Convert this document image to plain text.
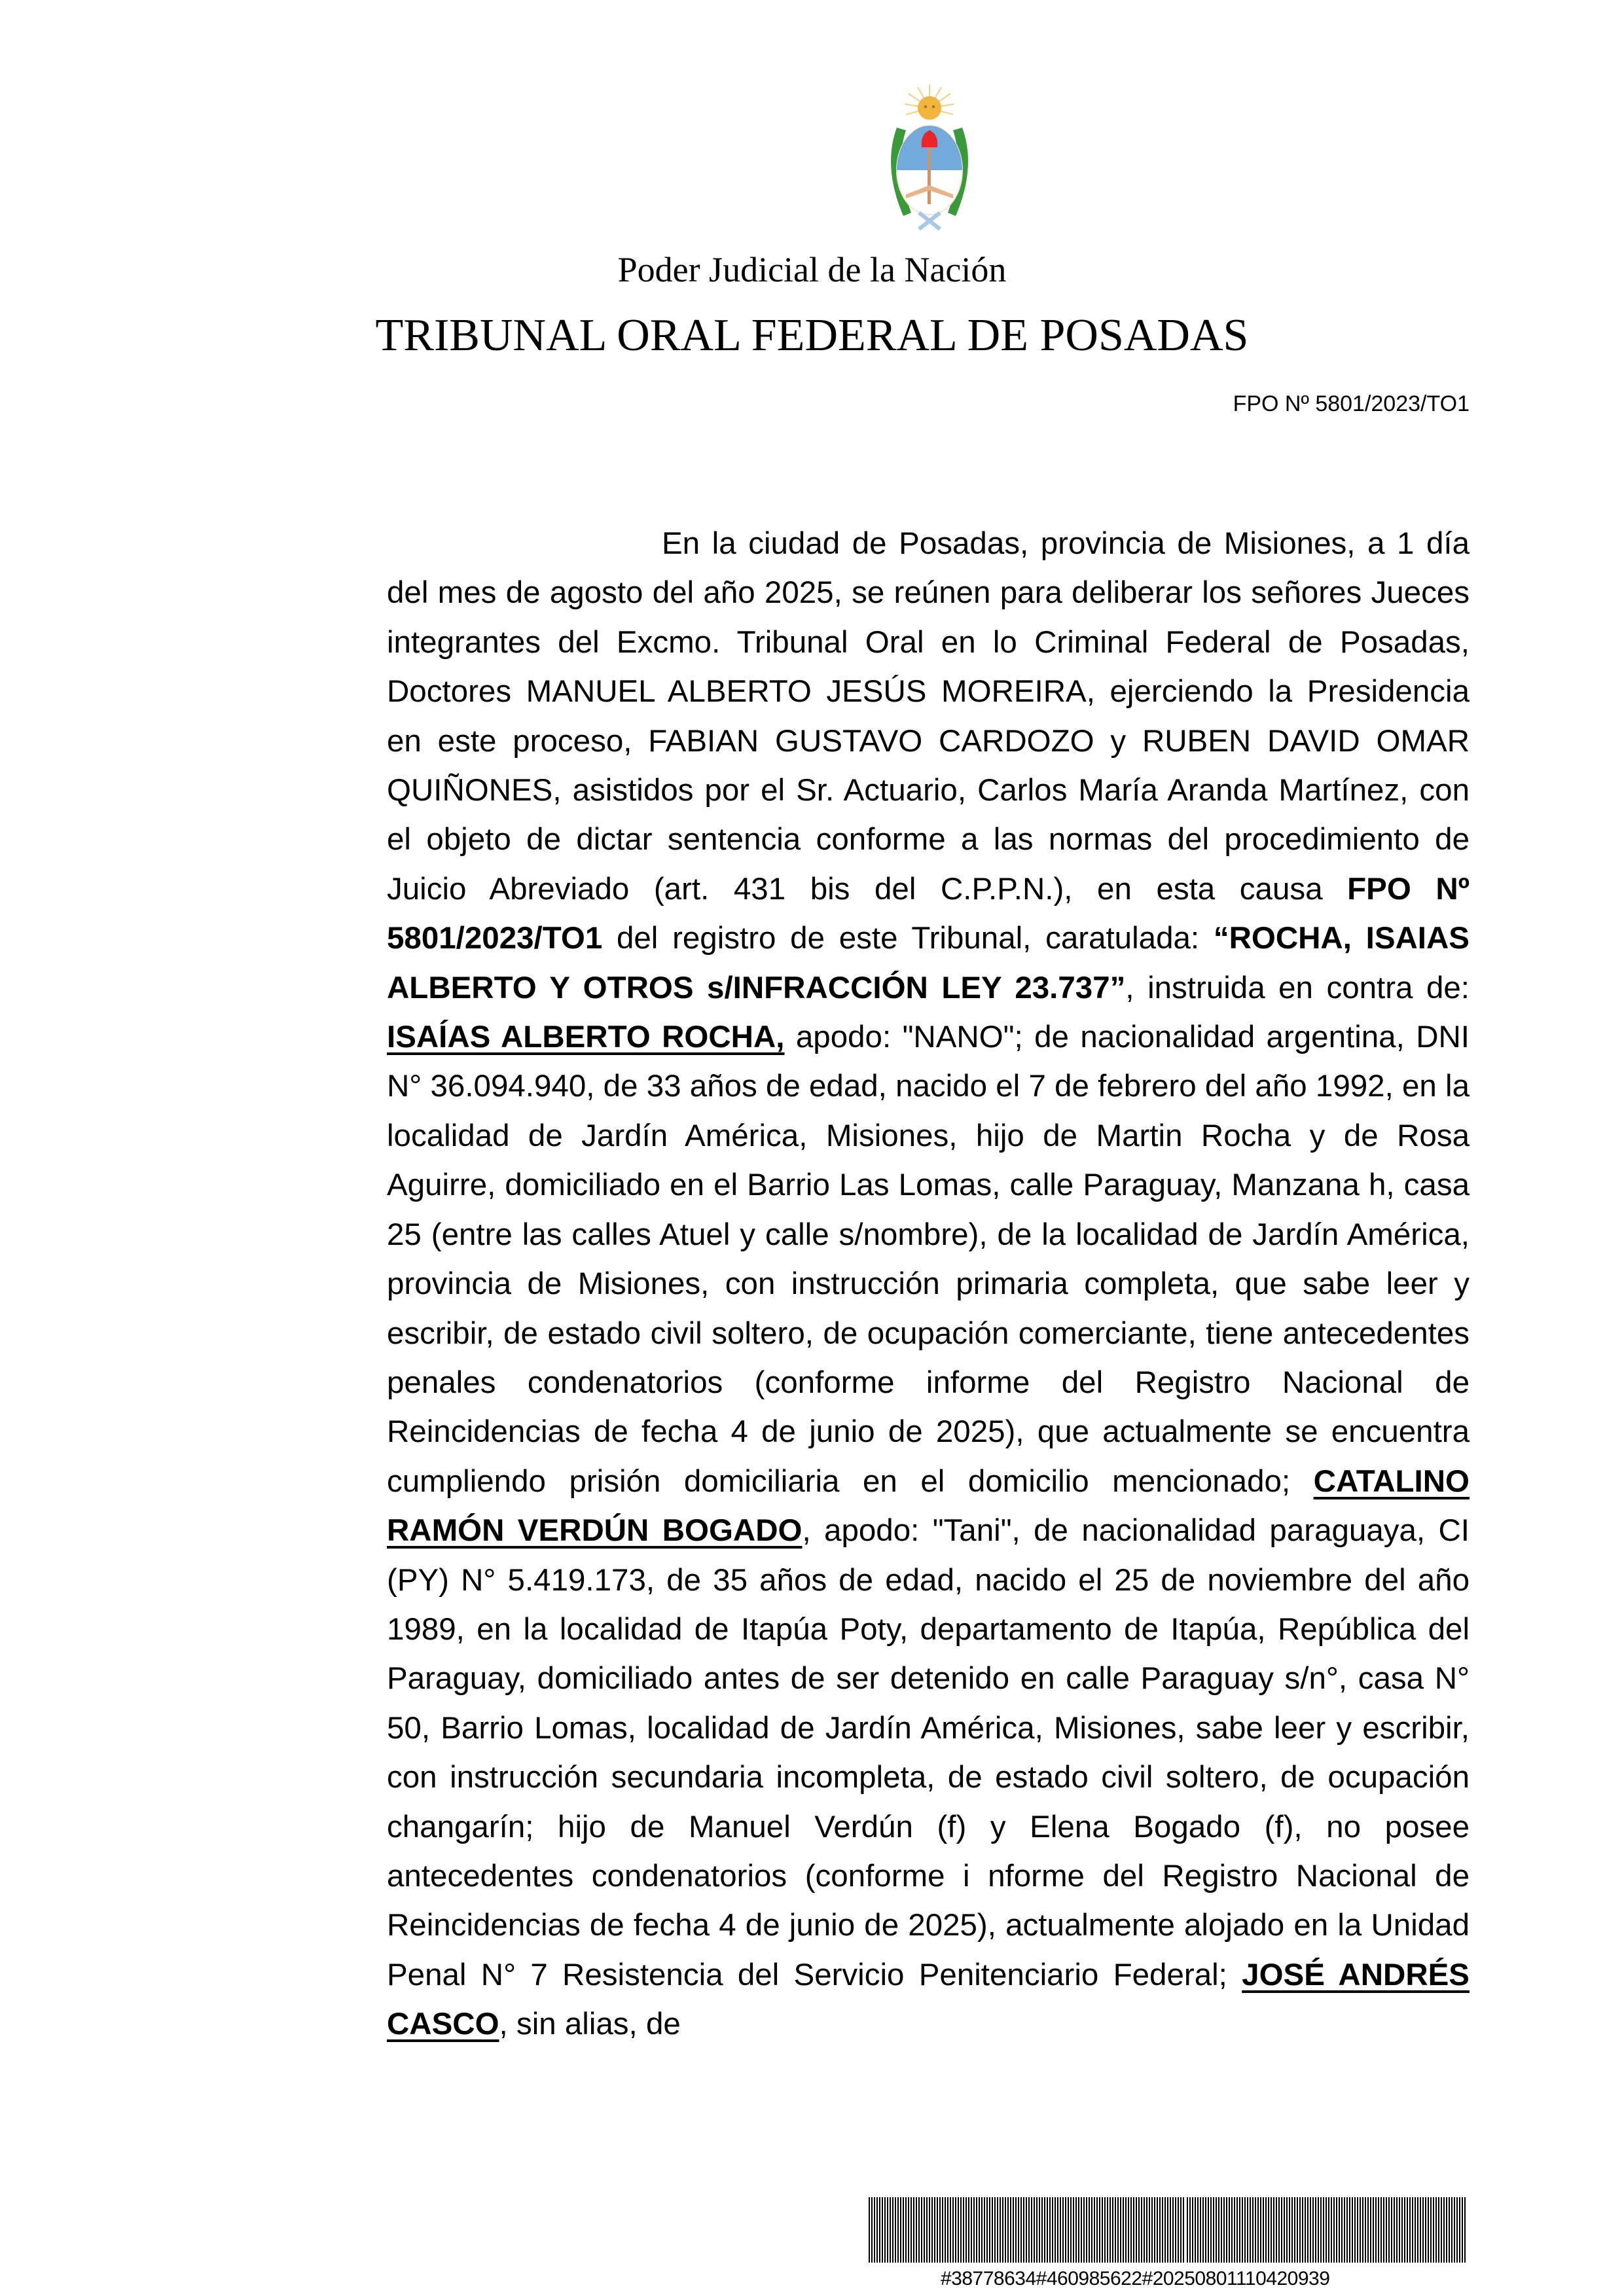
Poder Judicial de la Nación
TRIBUNAL ORAL FEDERAL DE POSADAS
FPO Nº 5801/2023/TO1

En la ciudad de Posadas, provincia de Misiones, a 1 día del mes de agosto del año 2025, se reúnen para deliberar los señores Jueces integrantes del Excmo. Tribunal Oral en lo Criminal Federal de Posadas, Doctores MANUEL ALBERTO JESÚS MOREIRA, ejerciendo la Presidencia en este proceso, FABIAN GUSTAVO CARDOZO y RUBEN DAVID OMAR QUIÑONES, asistidos por el Sr. Actuario, Carlos María Aranda Martínez, con el objeto de dictar sentencia conforme a las normas del procedimiento de Juicio Abreviado (art. 431 bis del C.P.P.N.), en esta causa FPO Nº 5801/2023/TO1 del registro de este Tribunal, caratulada: “ROCHA, ISAIAS ALBERTO Y OTROS s/INFRACCIÓN LEY 23.737”, instruida en contra de: ISAÍAS ALBERTO ROCHA, apodo: "NANO"; de nacionalidad argentina, DNI N° 36.094.940, de 33 años de edad, nacido el 7 de febrero del año 1992, en la localidad de Jardín América, Misiones, hijo de Martin Rocha y de Rosa Aguirre, domiciliado en el Barrio Las Lomas, calle Paraguay, Manzana h, casa 25 (entre las calles Atuel y calle s/nombre), de la localidad de Jardín América, provincia de Misiones, con instrucción primaria completa, que sabe leer y escribir, de estado civil soltero, de ocupación comerciante, tiene antecedentes penales condenatorios (conforme informe del Registro Nacional de Reincidencias de fecha 4 de junio de 2025), que actualmente se encuentra cumpliendo prisión domiciliaria en el domicilio mencionado; CATALINO RAMÓN VERDÚN BOGADO, apodo: "Tani", de nacionalidad paraguaya, CI (PY) N° 5.419.173, de 35 años de edad, nacido el 25 de noviembre del año 1989, en la localidad de Itapúa Poty, departamento de Itapúa, República del Paraguay, domiciliado antes de ser detenido en calle Paraguay s/n°, casa N° 50, Barrio Lomas, localidad de Jardín América, Misiones, sabe leer y escribir, con instrucción secundaria incompleta, de estado civil soltero, de ocupación changarín; hijo de Manuel Verdún (f) y Elena Bogado (f), no posee antecedentes condenatorios (conforme i nforme del Registro Nacional de Reincidencias de fecha 4 de junio de 2025), actualmente alojado en la Unidad Penal N° 7 Resistencia del Servicio Penitenciario Federal; JOSÉ ANDRÉS CASCO, sin alias, de

#38778634#460985622#20250801110420939
